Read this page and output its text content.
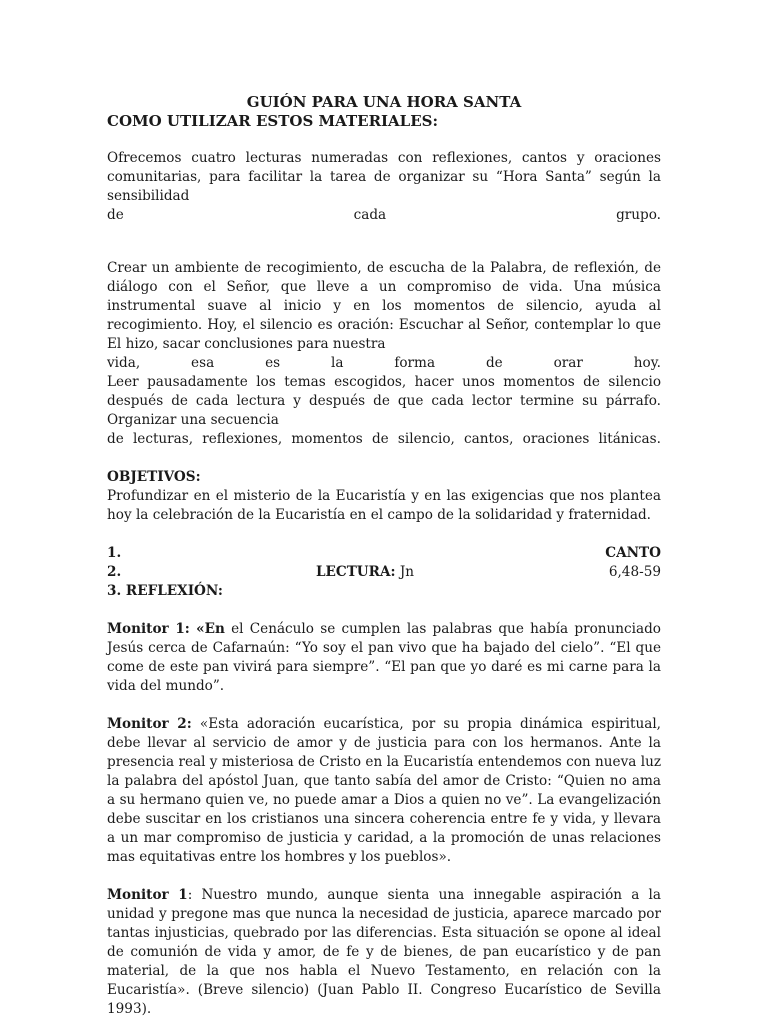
GUIÓN PARA UNA HORA SANTA
COMO UTILIZAR ESTOS MATERIALES:

Ofrecemos cuatro lecturas numeradas con reflexiones, cantos y oraciones comunitarias, para facilitar la tarea de organizar su “Hora Santa” según la sensibilidad

de	cada	grupo.

Crear un ambiente de recogimiento, de escucha de la Palabra, de reflexión, de diálogo con el Señor, que lleve a un compromiso de vida. Una música instrumental suave al inicio y en los momentos de silencio, ayuda al recogimiento. Hoy, el silencio es oración: Escuchar al Señor, contemplar lo que El hizo, sacar conclusiones para nuestra

vida,	esa	es	la	forma	de	orar	hoy.

Leer pausadamente los temas escogidos, hacer unos momentos de silencio después de cada lectura y después de que cada lector termine su párrafo. Organizar una secuencia

de lecturas, reflexiones, momentos de silencio, cantos, oraciones litánicas.
OBJETIVOS:

Profundizar en el misterio de la Eucaristía y en las exigencias que nos plantea hoy la celebración de la Eucaristía en el campo de la solidaridad y fraternidad.

1.	CANTO
2.	LECTURA: Jn	6,48-59
3. REFLEXIÓN:

Monitor 1: «En el Cenáculo se cumplen las palabras que había pronunciado Jesús cerca de Cafarnaún: “Yo soy el pan vivo que ha bajado del cielo”. “El que come de este pan vivirá para siempre”. “El pan que yo daré es mi carne para la vida del mundo”.

Monitor 2: «Esta adoración eucarística, por su propia dinámica espiritual, debe llevar al servicio de amor y de justicia para con los hermanos. Ante la presencia real y misteriosa de Cristo en la Eucaristía entendemos con nueva luz la palabra del apóstol Juan, que tanto sabía del amor de Cristo: “Quien no ama a su hermano quien ve, no puede amar a Dios a quien no ve”. La evangelización debe suscitar en los cristianos una sincera coherencia entre fe y vida, y llevara a un mar compromiso de justicia y caridad, a la promoción de unas relaciones mas equitativas entre los hombres y los pueblos».

Monitor 1: Nuestro mundo, aunque sienta una innegable aspiración a la unidad y pregone mas que nunca la necesidad de justicia, aparece marcado por tantas injusticias, quebrado por las diferencias. Esta situación se opone al ideal de comunión de vida y amor, de fe y de bienes, de pan eucarístico y de pan material, de la que nos habla el Nuevo Testamento, en relación con la Eucaristía». (Breve silencio) (Juan Pablo II. Congreso Eucarístico de Sevilla 1993).
